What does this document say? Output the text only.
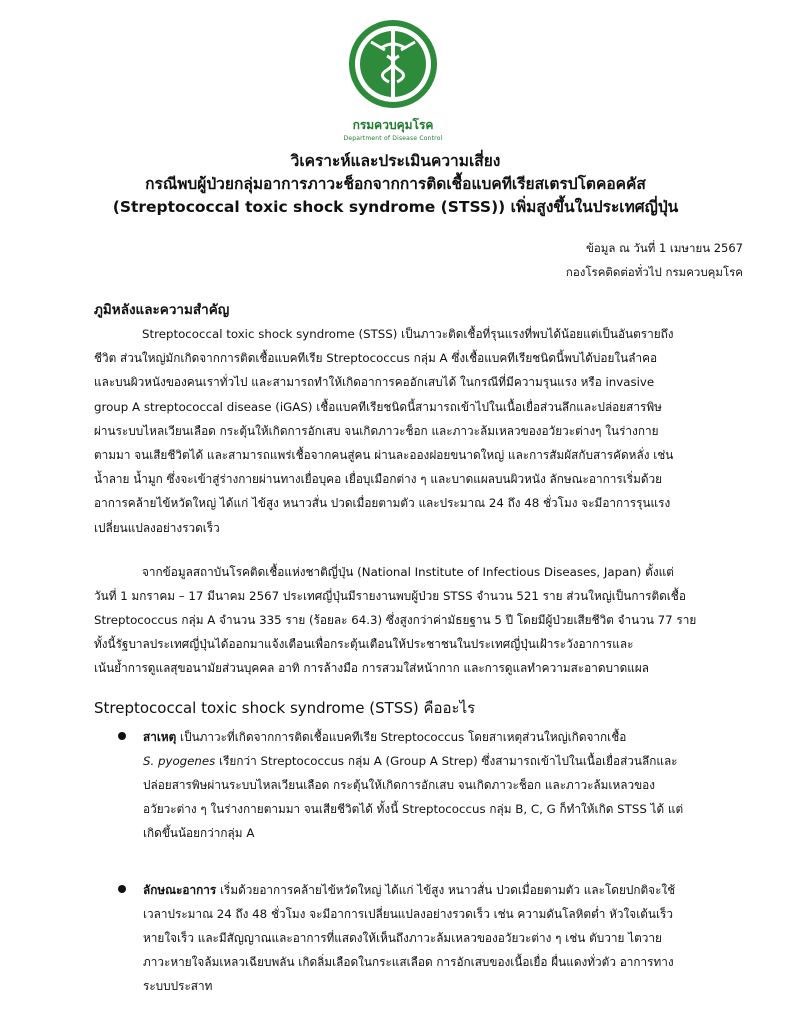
กรมควบคุมโรค
Department of Disease Control
วิเคราะห์และประเมินความเสี่ยง
กรณีพบผู้ป่วยกลุ่มอาการภาวะช็อกจากการติดเชื้อแบคทีเรียสเตรปโตคอคคัส
(Streptococcal toxic shock syndrome (STSS)) เพิ่มสูงขึ้นในประเทศญี่ปุ่น
ข้อมูล ณ วันที่ 1 เมษายน 2567
กองโรคติดต่อทั่วไป กรมควบคุมโรค
ภูมิหลังและความสำคัญ
Streptococcal toxic shock syndrome (STSS) เป็นภาวะติดเชื้อที่รุนแรงที่พบได้น้อยแต่เป็นอันตรายถึง
ชีวิต ส่วนใหญ่มักเกิดจากการติดเชื้อแบคทีเรีย Streptococcus กลุ่ม A ซึ่งเชื้อแบคทีเรียชนิดนี้พบได้บ่อยในลำคอ
และบนผิวหนังของคนเราทั่วไป และสามารถทำให้เกิดอาการคออักเสบได้ ในกรณีที่มีความรุนแรง หรือ invasive
group A streptococcal disease (iGAS) เชื้อแบคทีเรียชนิดนี้สามารถเข้าไปในเนื้อเยื่อส่วนลึกและปล่อยสารพิษ
ผ่านระบบไหลเวียนเลือด กระตุ้นให้เกิดการอักเสบ จนเกิดภาวะช็อก และภาวะล้มเหลวของอวัยวะต่างๆ ในร่างกาย
ตามมา จนเสียชีวิตได้ และสามารถแพร่เชื้อจากคนสู่คน ผ่านละอองฝอยขนาดใหญ่ และการสัมผัสกับสารคัดหลั่ง เช่น
น้ำลาย น้ำมูก ซึ่งจะเข้าสู่ร่างกายผ่านทางเยื่อบุคอ เยื่อบุเมือกต่าง ๆ และบาดแผลบนผิวหนัง ลักษณะอาการเริ่มด้วย
อาการคล้ายไข้หวัดใหญ่ ได้แก่ ไข้สูง หนาวสั่น ปวดเมื่อยตามตัว และประมาณ 24 ถึง 48 ชั่วโมง จะมีอาการรุนแรง
เปลี่ยนแปลงอย่างรวดเร็ว
จากข้อมูลสถาบันโรคติดเชื้อแห่งชาติญี่ปุ่น (National Institute of Infectious Diseases, Japan) ตั้งแต่
วันที่ 1 มกราคม – 17 มีนาคม 2567 ประเทศญี่ปุ่นมีรายงานพบผู้ป่วย STSS จำนวน 521 ราย ส่วนใหญ่เป็นการติดเชื้อ
Streptococcus กลุ่ม A จำนวน 335 ราย (ร้อยละ 64.3) ซึ่งสูงกว่าค่ามัธยฐาน 5 ปี โดยมีผู้ป่วยเสียชีวิต จำนวน 77 ราย
ทั้งนี้รัฐบาลประเทศญี่ปุ่นได้ออกมาแจ้งเตือนเพื่อกระตุ้นเตือนให้ประชาชนในประเทศญี่ปุ่นเฝ้าระวังอาการและ
เน้นย้ำการดูแลสุขอนามัยส่วนบุคคล อาทิ การล้างมือ การสวมใส่หน้ากาก และการดูแลทำความสะอาดบาดแผล
Streptococcal toxic shock syndrome (STSS) คืออะไร
สาเหตุ เป็นภาวะที่เกิดจากการติดเชื้อแบคทีเรีย Streptococcus โดยสาเหตุส่วนใหญ่เกิดจากเชื้อ
S. pyogenes เรียกว่า Streptococcus กลุ่ม A (Group A Strep) ซึ่งสามารถเข้าไปในเนื้อเยื่อส่วนลึกและ
ปล่อยสารพิษผ่านระบบไหลเวียนเลือด กระตุ้นให้เกิดการอักเสบ จนเกิดภาวะช็อก และภาวะล้มเหลวของ
อวัยวะต่าง ๆ ในร่างกายตามมา จนเสียชีวิตได้ ทั้งนี้ Streptococcus กลุ่ม B, C, G ก็ทำให้เกิด STSS ได้ แต่
เกิดขึ้นน้อยกว่ากลุ่ม A
ลักษณะอาการ เริ่มด้วยอาการคล้ายไข้หวัดใหญ่ ได้แก่ ไข้สูง หนาวสั่น ปวดเมื่อยตามตัว และโดยปกติจะใช้
เวลาประมาณ 24 ถึง 48 ชั่วโมง จะมีอาการเปลี่ยนแปลงอย่างรวดเร็ว เช่น ความดันโลหิตต่ำ หัวใจเต้นเร็ว
หายใจเร็ว และมีสัญญาณและอาการที่แสดงให้เห็นถึงภาวะล้มเหลวของอวัยวะต่าง ๆ เช่น ตับวาย ไตวาย
ภาวะหายใจล้มเหลวเฉียบพลัน เกิดลิ่มเลือดในกระแสเลือด การอักเสบของเนื้อเยื่อ ผื่นแดงทั่วตัว อาการทาง
ระบบประสาท
